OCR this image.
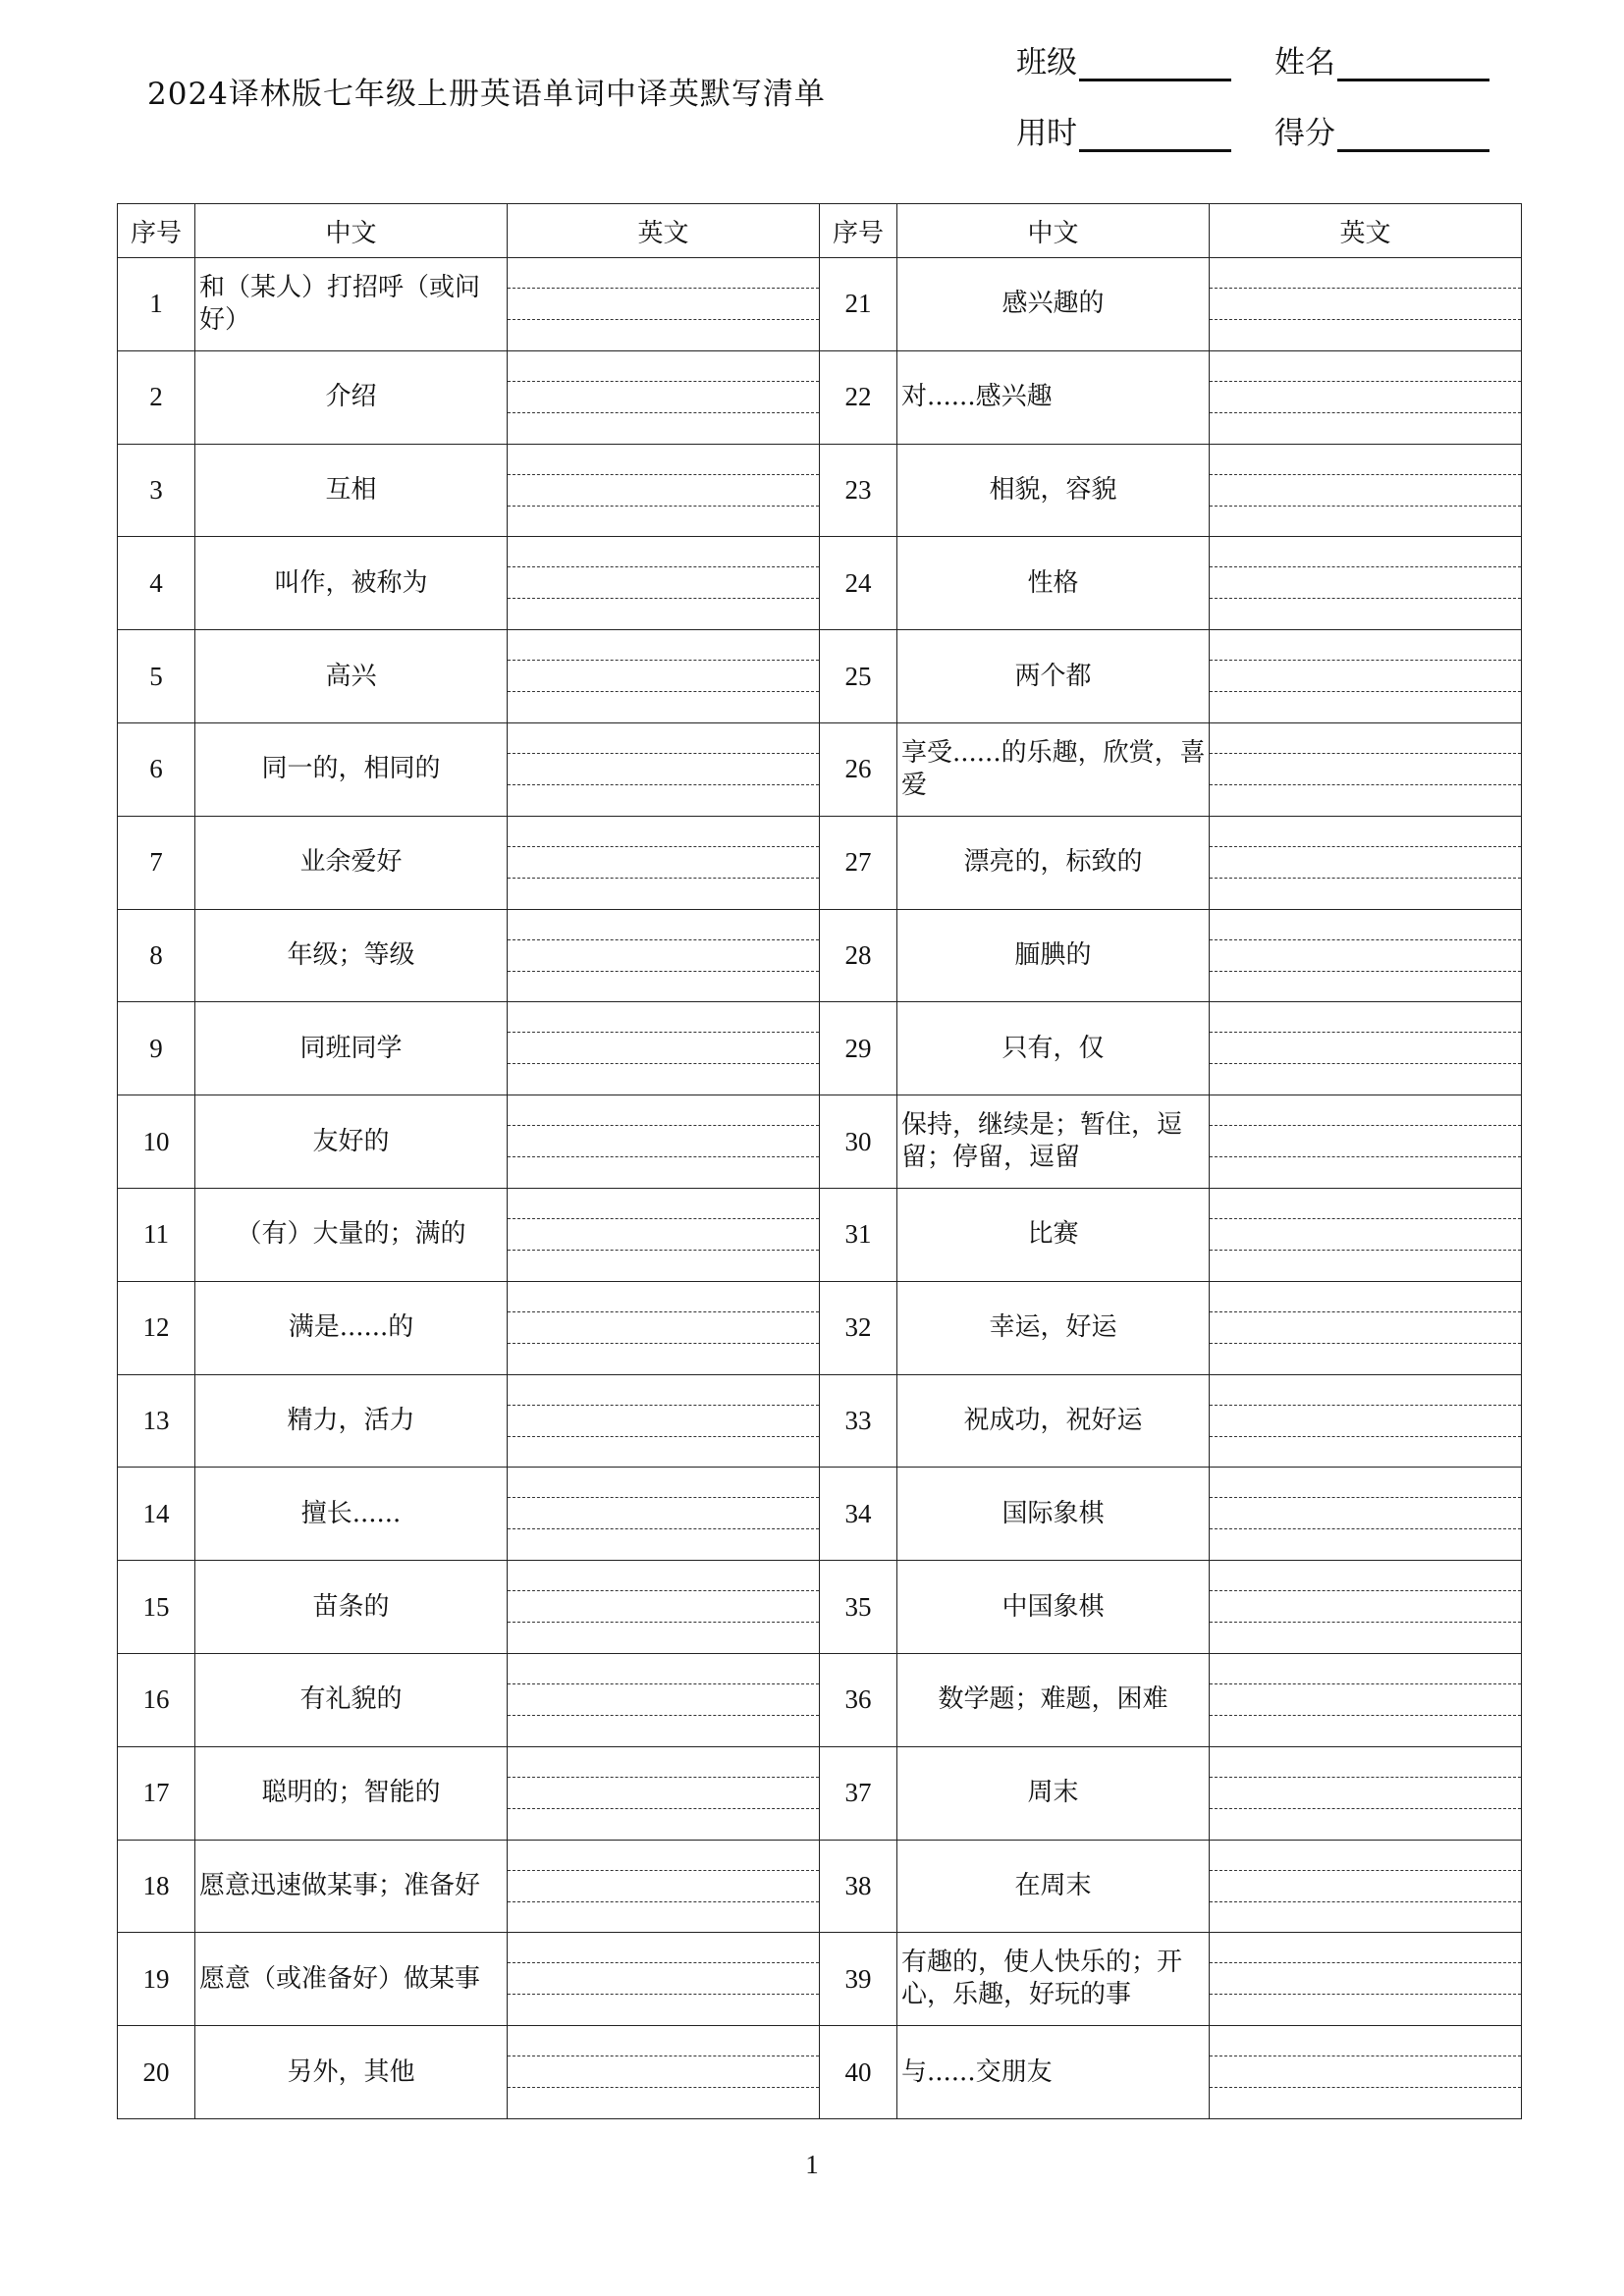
2024译林版七年级上册英语单词中译英默写清单
班级	姓名
用时	得分
序号	中文	英文	序号	中文	英文
1	和（某人）打招呼（或问好）		21	感兴趣的	

2	介绍		22	对......感兴趣	

3	互相		23	相貌，容貌	

4	叫作，被称为		24	性格	

5	高兴		25	两个都	

6	同一的，相同的		26	享受......的乐趣，欣赏，喜爱	

7	业余爱好		27	漂亮的，标致的	

8	年级；等级		28	腼腆的	

9	同班同学		29	只有，仅	

10	友好的		30	保持，继续是；暂住，逗留；停留，逗留	

11	（有）大量的；满的		31	比赛	

12	满是......的		32	幸运，好运	

13	精力，活力		33	祝成功，祝好运	

14	擅长......		34	国际象棋	

15	苗条的		35	中国象棋	

16	有礼貌的		36	数学题；难题，困难	

17	聪明的；智能的		37	周末	

18	愿意迅速做某事；准备好		38	在周末	

19	愿意（或准备好）做某事		39	有趣的，使人快乐的；开心，乐趣，好玩的事	

20	另外，其他		40	与......交朋友	
1
